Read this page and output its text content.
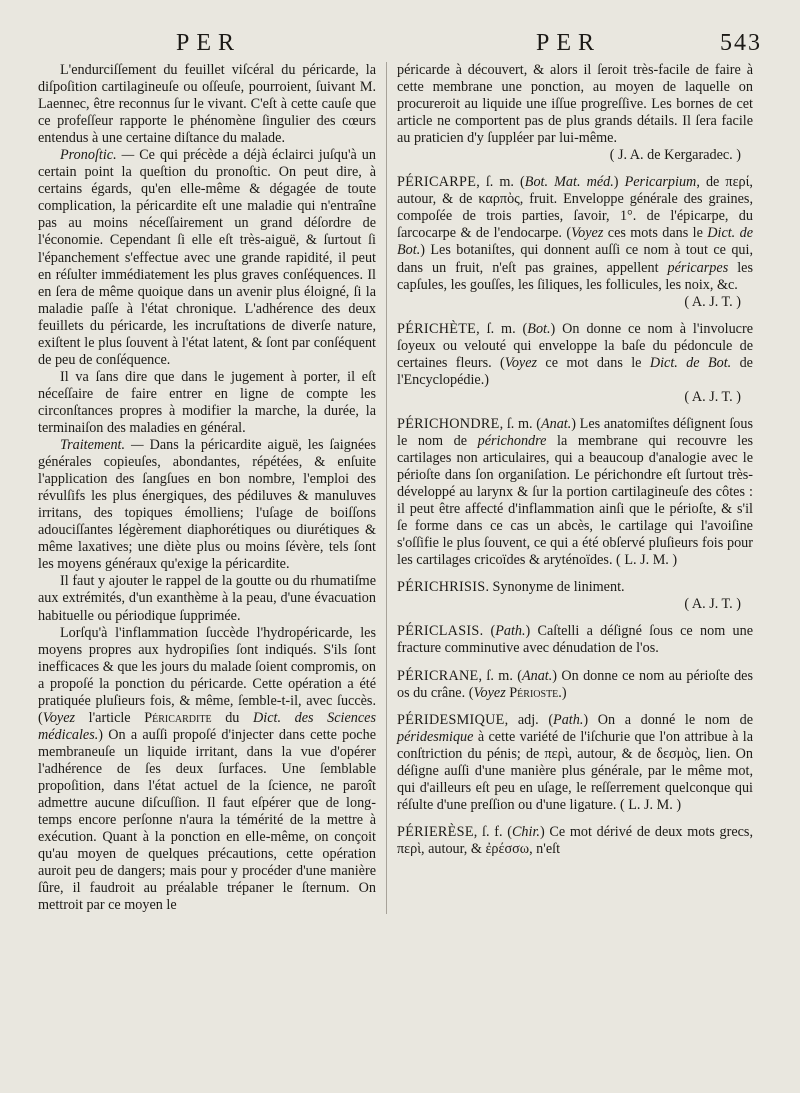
PER	PER	543

L'endurciſſement du feuillet viſcéral du péricarde, la diſpoſition cartilagineuſe ou oſſeuſe, pourroient, ſuivant M. Laennec, être reconnus ſur le vivant. C'eſt à cette cauſe que ce profeſſeur rapporte le phénomène ſingulier des cœurs entendus à une certaine diſtance du malade.

Pronoſtic. — Ce qui précède a déjà éclairci juſqu'à un certain point la queſtion du pronoſtic. On peut dire, à certains égards, qu'en elle-même & dégagée de toute complication, la péricardite eſt une maladie qui n'entraîne pas au moins néceſſairement un grand déſordre de l'économie. Cependant ſi elle eſt très-aiguë, & ſurtout ſi l'épanchement s'effectue avec une grande rapidité, il peut en réſulter immédiatement les plus graves conſéquences. Il en ſera de même quoique dans un avenir plus éloigné, ſi la maladie paſſe à l'état chronique. L'adhérence des deux feuillets du péricarde, les incruſtations de diverſe nature, exiſtent le plus ſouvent à l'état latent, & ſont par conſéquent de peu de conſéquence.

Il va ſans dire que dans le jugement à porter, il eſt néceſſaire de faire entrer en ligne de compte les circonſtances propres à modifier la marche, la durée, la terminaiſon des maladies en général.

Traitement. — Dans la péricardite aiguë, les ſaignées générales copieuſes, abondantes, répétées, & enſuite l'application des ſangſues en bon nombre, l'emploi des révulſifs les plus énergiques, des pédiluves & manuluves irritans, des topiques émolliens; l'uſage de boiſſons adouciſſantes légèrement diaphorétiques ou diurétiques & même laxatives; une diète plus ou moins ſévère, tels ſont les moyens généraux qu'exige la péricardite.

Il faut y ajouter le rappel de la goutte ou du rhumatiſme aux extrémités, d'un exanthème à la peau, d'une évacuation habituelle ou périodique ſupprimée.

Lorſqu'à l'inflammation ſuccède l'hydropéricarde, les moyens propres aux hydropiſies ſont indiqués. S'ils ſont inefficaces & que les jours du malade ſoient compromis, on a propoſé la ponction du péricarde. Cette opération a été pratiquée pluſieurs fois, & même, ſemble-t-il, avec ſuccès. (Voyez l'article Péricardite du Dict. des Sciences médicales.) On a auſſi propoſé d'injecter dans cette poche membraneuſe un liquide irritant, dans la vue d'opérer l'adhérence de ſes deux ſurfaces. Une ſemblable propoſition, dans l'état actuel de la ſcience, ne paroît admettre aucune diſcuſſion. Il faut eſpérer que de long-temps encore perſonne n'aura la témérité de la mettre à exécution. Quant à la ponction en elle-même, on conçoit qu'au moyen de quelques précautions, cette opération auroit peu de dangers; mais pour y procéder d'une manière ſûre, il faudroit au préalable trépaner le ſternum. On mettroit par ce moyen le

péricarde à découvert, & alors il ſeroit très-facile de faire à cette membrane une ponction, au moyen de laquelle on procureroit au liquide une iſſue progreſſive. Les bornes de cet article ne comportent pas de plus grands détails. Il ſera facile au praticien d'y ſuppléer par lui-même.

( J. A. de Kergaradec. )

PÉRICARPE, ſ. m. (Bot. Mat. méd.) Pericarpium, de περί, autour, & de καρπὸς, fruit. Enveloppe générale des graines, compoſée de trois parties, ſavoir, 1°. de l'épicarpe, du ſarcocarpe & de l'endocarpe. (Voyez ces mots dans le Dict. de Bot.) Les botaniſtes, qui donnent auſſi ce nom à tout ce qui, dans un fruit, n'eſt pas graines, appellent péricarpes les capſules, les gouſſes, les ſiliques, les follicules, les noix, &c.

( A. J. T. )

PÉRICHÈTE, ſ. m. (Bot.) On donne ce nom à l'involucre ſoyeux ou velouté qui enveloppe la baſe du pédoncule de certaines fleurs. (Voyez ce mot dans le Dict. de Bot. de l'Encyclopédie.)

( A. J. T. )

PÉRICHONDRE, ſ. m. (Anat.) Les anatomiſtes déſignent ſous le nom de périchondre la membrane qui recouvre les cartilages non articulaires, qui a beaucoup d'analogie avec le périoſte dans ſon organiſation. Le périchondre eſt ſurtout très-développé au larynx & ſur la portion cartilagineuſe des côtes : il peut être affecté d'inflammation ainſi que le périoſte, & s'il ſe forme dans ce cas un abcès, le cartilage qui l'avoiſine s'oſſifie le plus ſouvent, ce qui a été obſervé pluſieurs fois pour les cartilages cricoïdes & aryténoïdes. ( L. J. M. )

PÉRICHRISIS. Synonyme de liniment.

( A. J. T. )

PÉRICLASIS. (Path.) Caſtelli a déſigné ſous ce nom une fracture comminutive avec dénudation de l'os.

PÉRICRANE, ſ. m. (Anat.) On donne ce nom au périoſte des os du crâne. (Voyez Périoste.)

PÉRIDESMIQUE, adj. (Path.) On a donné le nom de péridesmique à cette variété de l'iſchurie que l'on attribue à la conſtriction du pénis; de περὶ, autour, & de δεσμὸς, lien. On déſigne auſſi d'une manière plus générale, par le même mot, qui d'ailleurs eſt peu en uſage, le reſſerrement quelconque qui réſulte d'une preſſion ou d'une ligature. ( L. J. M. )

PÉRIERÈSE, ſ. f. (Chir.) Ce mot dérivé de deux mots grecs, περὶ, autour, & ἐρέσσω, n'eſt
